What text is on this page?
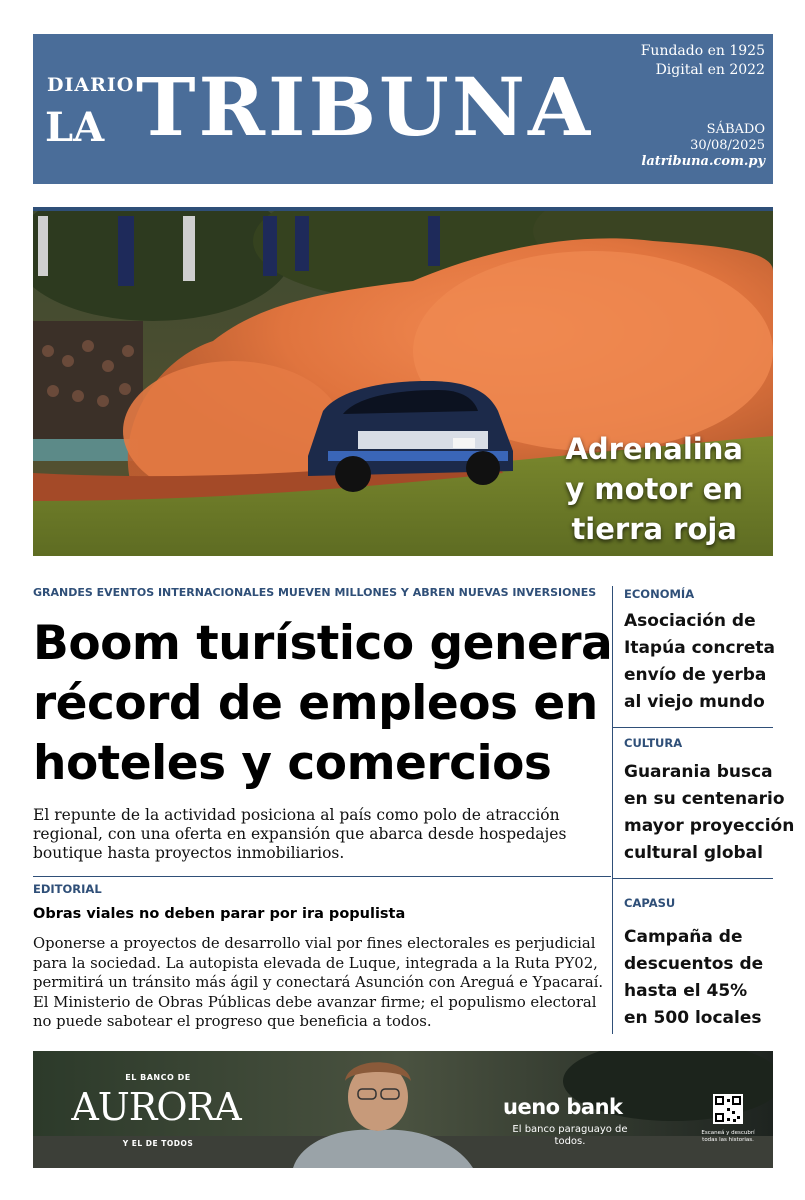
DIARIO
LA TRIBUNA
Fundado en 1925
Digital en 2022
SÁBADO
30/08/2025
latribuna.com.py
Adrenalina
y motor en
tierra roja
GRANDES EVENTOS INTERNACIONALES MUEVEN MILLONES Y ABREN NUEVAS INVERSIONES
Boom turístico genera
récord de empleos en
hoteles y comercios

El repunte de la actividad posiciona al país como polo de atracción regional, con una oferta en expansión que abarca desde hospedajes boutique hasta proyectos inmobiliarios.

EDITORIAL
Obras viales no deben parar por ira populista

Oponerse a proyectos de desarrollo vial por fines electorales es perjudicial para la sociedad. La autopista elevada de Luque, integrada a la Ruta PY02, permitirá un tránsito más ágil y conectará Asunción con Areguá e Ypacaraí. El Ministerio de Obras Públicas debe avanzar firme; el populismo electoral no puede sabotear el progreso que beneficia a todos.

ECONOMÍA
Asociación de
Itapúa concreta
envío de yerba
al viejo mundo
CULTURA
Guarania busca
en su centenario
mayor proyección
cultural global
CAPASU
Campaña de
descuentos de
hasta el 45%
en 500 locales
EL BANCO DE
AURORA
Y EL DE TODOS
ueno bank
El banco paraguayo de todos.
Escaneá y descubrí todas las historias.
